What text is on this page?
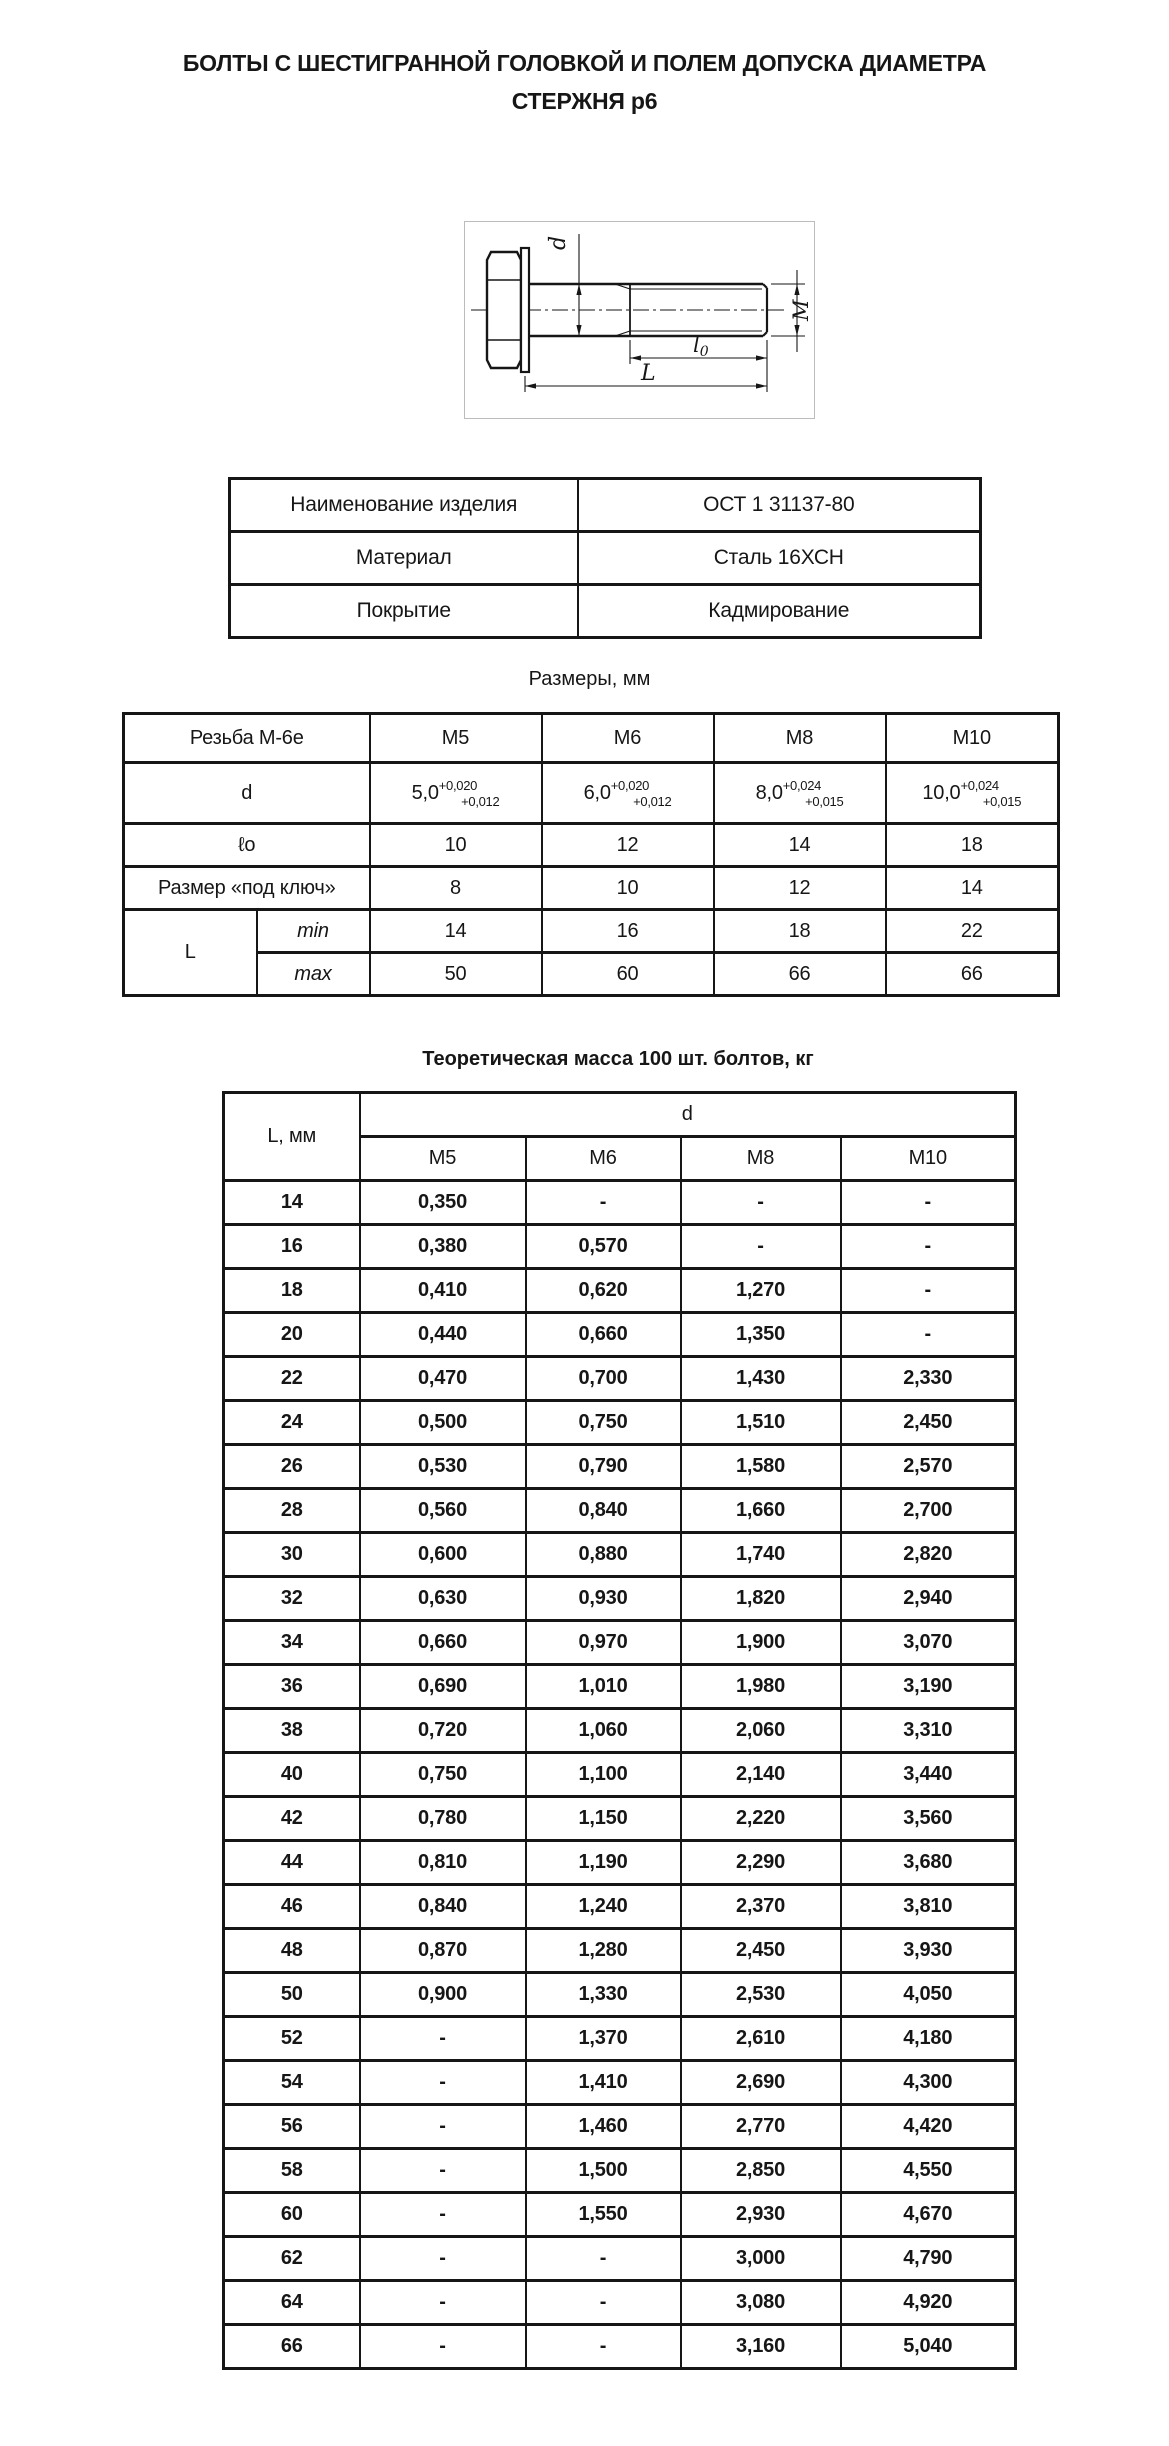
БОЛТЫ С ШЕСТИГРАННОЙ ГОЛОВКОЙ И ПОЛЕМ ДОПУСКА ДИАМЕТРА
СТЕРЖНЯ р6
d
M
l0
L
Наименование изделия	ОСТ 1 31137-80
Материал	Сталь 16ХСН
Покрытие	Кадмирование
Размеры, мм
Резьба М-6е		М5	М6	М8	М10
d		$5,0^{+0,020}_{+0,012}$	$6,0^{+0,020}_{+0,012}$	$8,0^{+0,024}_{+0,015}$	$10,0^{+0,024}_{+0,015}$
ℓо		10	12	14	18
Размер «под ключ»		8	10	12	14
L	min	14	16	18	22
	max	50	60	66	66
Теоретическая масса 100 шт. болтов, кг
L, мм	d			
	М5	М6	М8	М10
14	0,350	-	-	-
16	0,380	0,570	-	-
18	0,410	0,620	1,270	-
20	0,440	0,660	1,350	-
22	0,470	0,700	1,430	2,330
24	0,500	0,750	1,510	2,450
26	0,530	0,790	1,580	2,570
28	0,560	0,840	1,660	2,700
30	0,600	0,880	1,740	2,820
32	0,630	0,930	1,820	2,940
34	0,660	0,970	1,900	3,070
36	0,690	1,010	1,980	3,190
38	0,720	1,060	2,060	3,310
40	0,750	1,100	2,140	3,440
42	0,780	1,150	2,220	3,560
44	0,810	1,190	2,290	3,680
46	0,840	1,240	2,370	3,810
48	0,870	1,280	2,450	3,930
50	0,900	1,330	2,530	4,050
52	-	1,370	2,610	4,180
54	-	1,410	2,690	4,300
56	-	1,460	2,770	4,420
58	-	1,500	2,850	4,550
60	-	1,550	2,930	4,670
62	-	-	3,000	4,790
64	-	-	3,080	4,920
66	-	-	3,160	5,040
